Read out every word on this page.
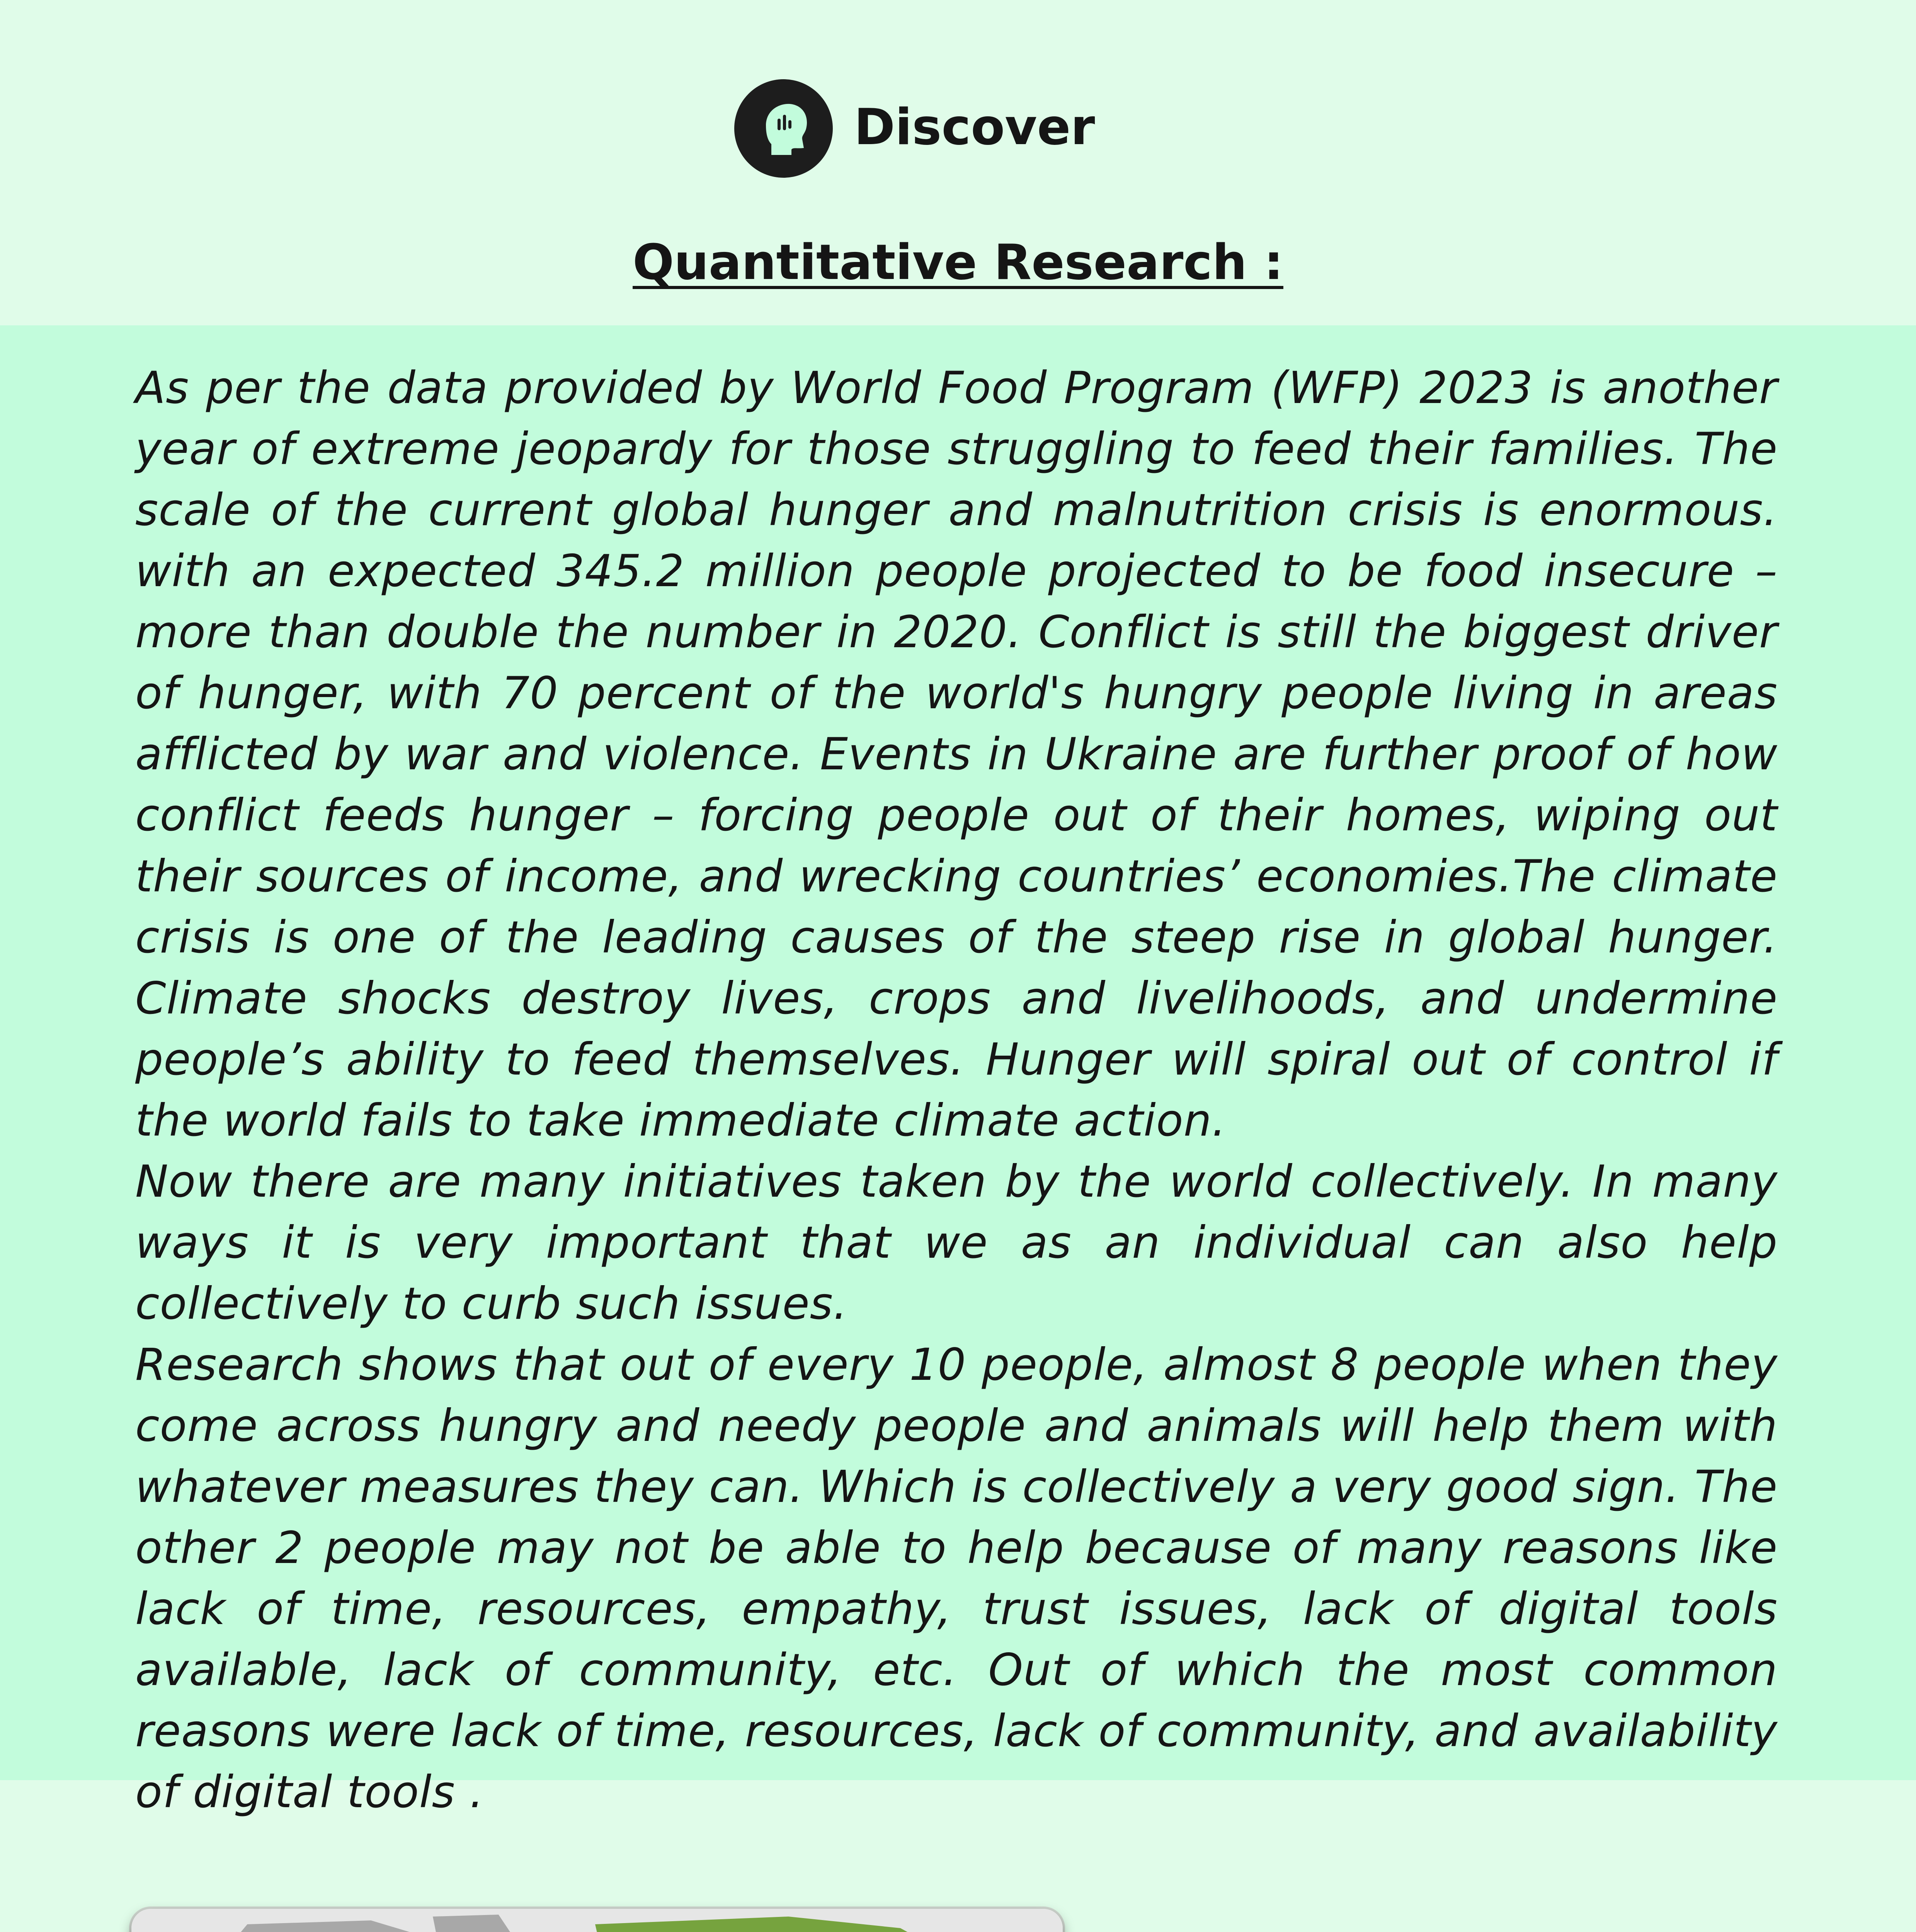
Discover
Quantitative Research :

As per the data provided by World Food Program (WFP) 2023 is another year of extreme jeopardy for those struggling to feed their families. The scale of the current global hunger and malnutrition crisis is enormous. with an expected 345.2 million people projected to be food insecure – more than double the number in 2020. Conflict is still the biggest driver of hunger, with 70 percent of the world's hungry people living in areas afflicted by war and violence. Events in Ukraine are further proof of how conflict feeds hunger – forcing people out of their homes, wiping out their sources of income, and wrecking countries’ economies.The climate crisis is one of the leading causes of the steep rise in global hunger. Climate shocks destroy lives, crops and livelihoods, and undermine people’s ability to feed themselves. Hunger will spiral out of control if the world fails to take immediate climate action.

Now there are many initiatives taken by the world collectively. In many ways it is very important that we as an individual can also help collectively to curb such issues.

Research shows that out of every 10 people, almost 8 people when they come across hungry and needy people and animals will help them with whatever measures they can. Which is collectively a very good sign. The other 2 people may not be able to help because of many reasons like lack of time, resources, empathy, trust issues, lack of digital tools available, lack of community, etc. Out of which the most common reasons were lack of time, resources, lack of community, and availability of digital tools .
